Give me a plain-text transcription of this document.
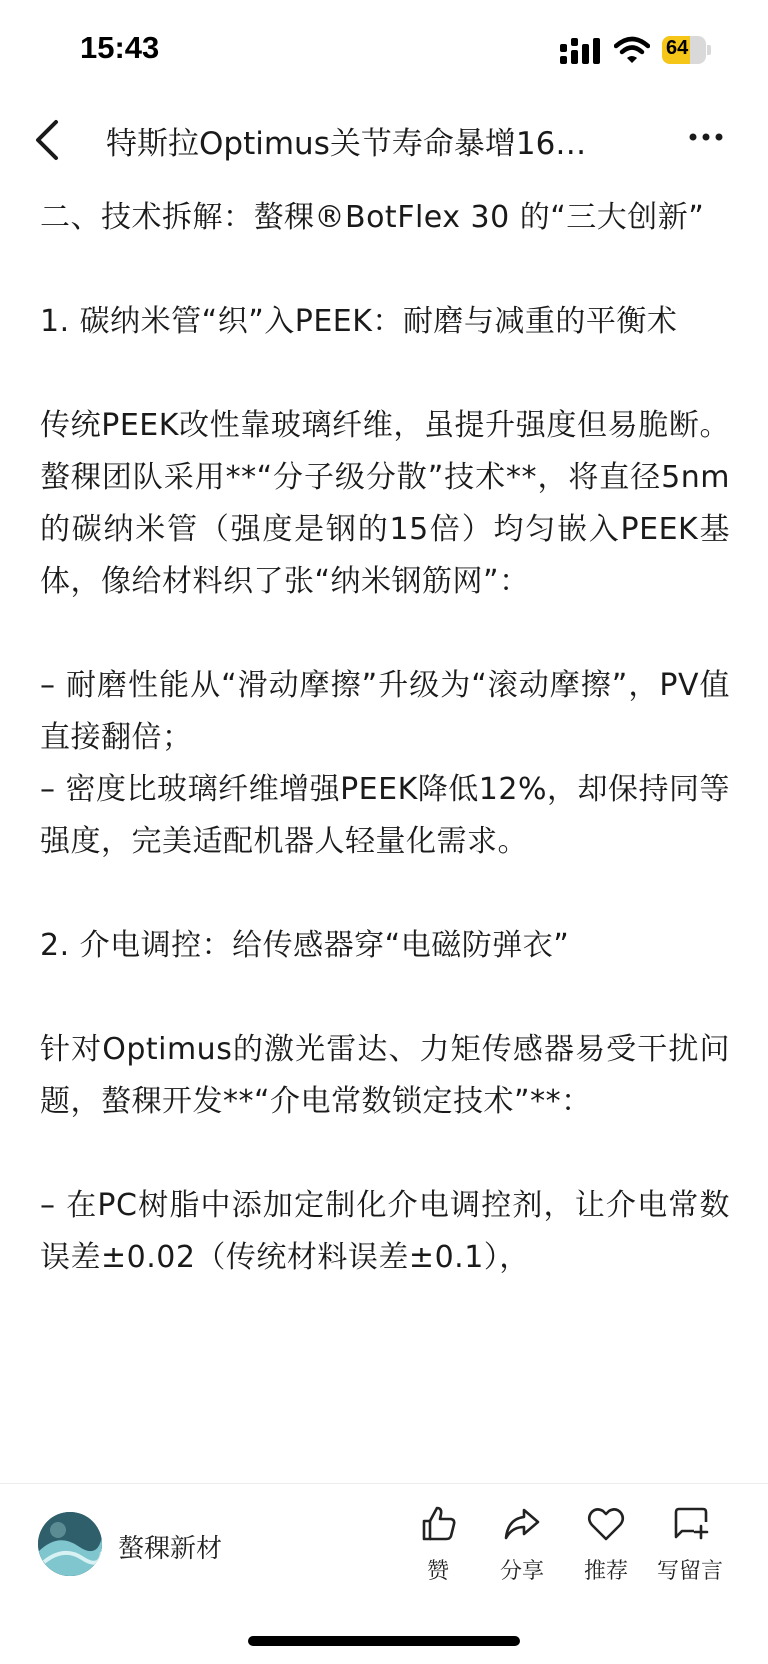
15:43	64
特斯拉Optimus关节寿命暴增16…

二、技术拆解：螯稞®BotFlex 30 的“三大创新”

1. 碳纳米管“织”入PEEK：耐磨与减重的平衡术

传统PEEK改性靠玻璃纤维，虽提升强度但易脆断。螯稞团队采用**“分子级分散”技术**，将直径5nm的碳纳米管（强度是钢的15倍）均匀嵌入PEEK基体，像给材料织了张“纳米钢筋网”：

– 耐磨性能从“滑动摩擦”升级为“滚动摩擦”，PV值直接翻倍；

– 密度比玻璃纤维增强PEEK降低12%，却保持同等强度，完美适配机器人轻量化需求。

2. 介电调控：给传感器穿“电磁防弹衣”

针对Optimus的激光雷达、力矩传感器易受干扰问题，螯稞开发**“介电常数锁定技术”**：

– 在PC树脂中添加定制化介电调控剂，让介电常数误差±0.02（传统材料误差±0.1），

螯稞新材
赞	分享	推荐	写留言
